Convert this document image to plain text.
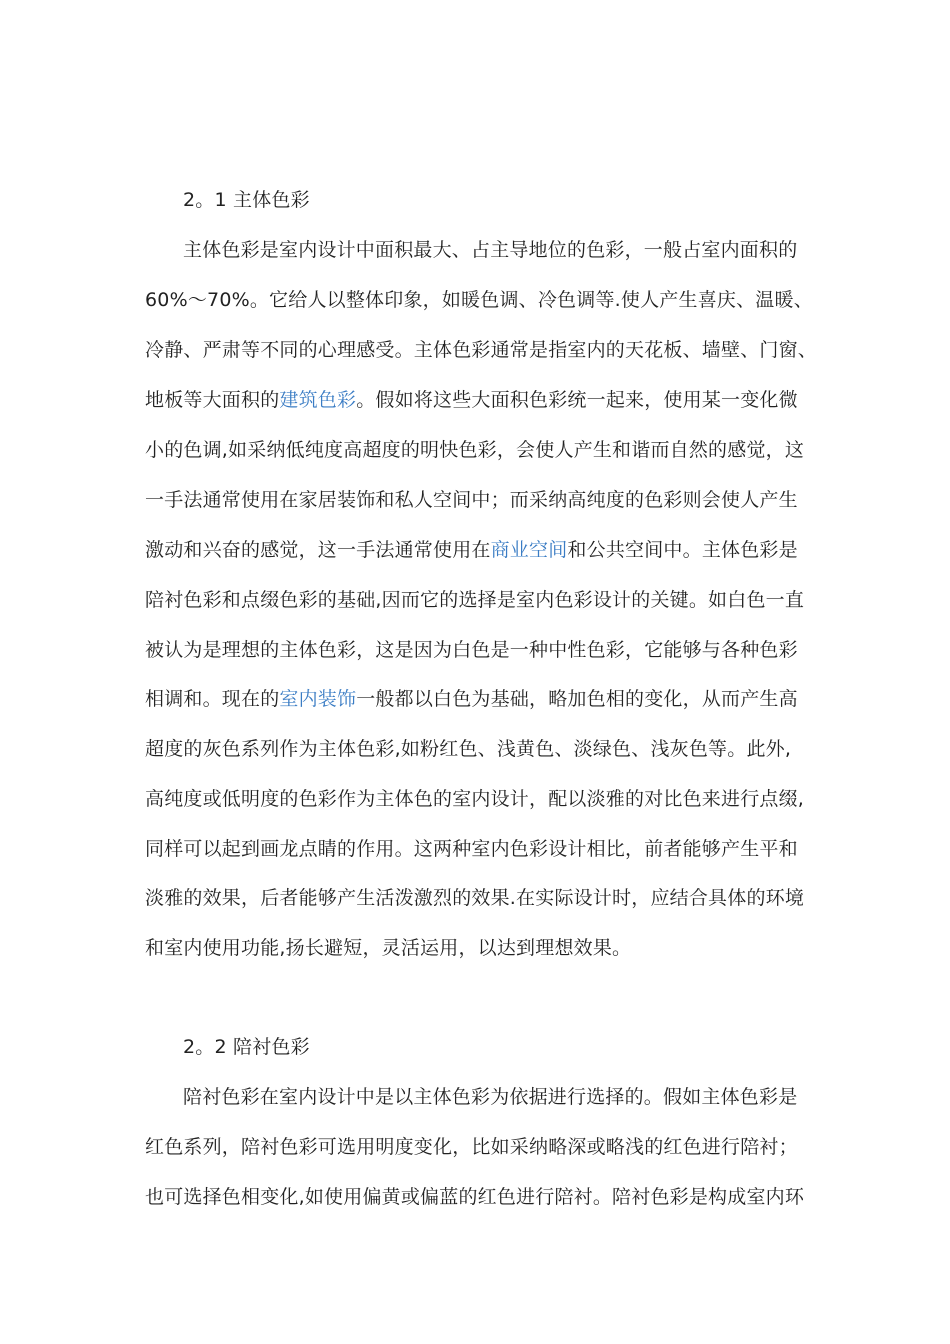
2。1 主体色彩
主体色彩是室内设计中面积最大、占主导地位的色彩，一般占室内面积的
60%～70%。它给人以整体印象，如暖色调、冷色调等.使人产生喜庆、温暖、
冷静、严肃等不同的心理感受。主体色彩通常是指室内的天花板、墙壁、门窗、
地板等大面积的建筑色彩。假如将这些大面积色彩统一起来，使用某一变化微
小的色调,如采纳低纯度高超度的明快色彩，会使人产生和谐而自然的感觉，这
一手法通常使用在家居装饰和私人空间中；而采纳高纯度的色彩则会使人产生
激动和兴奋的感觉，这一手法通常使用在商业空间和公共空间中。主体色彩是
陪衬色彩和点缀色彩的基础,因而它的选择是室内色彩设计的关键。如白色一直
被认为是理想的主体色彩，这是因为白色是一种中性色彩，它能够与各种色彩
相调和。现在的室内装饰一般都以白色为基础，略加色相的变化，从而产生高
超度的灰色系列作为主体色彩,如粉红色、浅黄色、淡绿色、浅灰色等。此外,
高纯度或低明度的色彩作为主体色的室内设计，配以淡雅的对比色来进行点缀,
同样可以起到画龙点睛的作用。这两种室内色彩设计相比，前者能够产生平和
淡雅的效果，后者能够产生活泼激烈的效果.在实际设计时，应结合具体的环境
和室内使用功能,扬长避短，灵活运用，以达到理想效果。
2。2 陪衬色彩
陪衬色彩在室内设计中是以主体色彩为依据进行选择的。假如主体色彩是
红色系列，陪衬色彩可选用明度变化，比如采纳略深或略浅的红色进行陪衬；
也可选择色相变化,如使用偏黄或偏蓝的红色进行陪衬。陪衬色彩是构成室内环
